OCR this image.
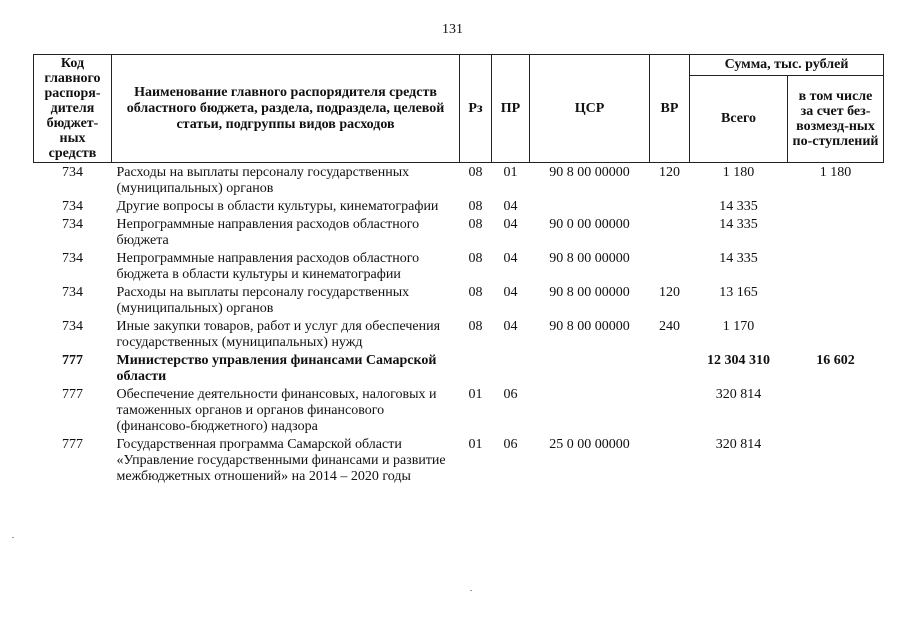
131
Код главного распоря-дителя бюджет-ных средств	Наименование главного распорядителя средств областного бюджета, раздела, подраздела, целевой статьи, подгруппы видов расходов	Рз	ПР	ЦСР	ВР	Сумма, тыс. рублей	
						Всего	в том числе за счет без-возмезд-ных по-ступлений
734	Расходы на выплаты персоналу государственных (муниципальных) органов	08	01	90 8 00 00000	120	1 180	1 180
734	Другие вопросы в области культуры, кинематографии	08	04			14 335	
734	Непрограммные направления расходов областного бюджета	08	04	90 0 00 00000		14 335	
734	Непрограммные направления расходов областного бюджета в области культуры и кинематографии	08	04	90 8 00 00000		14 335	
734	Расходы на выплаты персоналу государственных (муниципальных) органов	08	04	90 8 00 00000	120	13 165	
734	Иные закупки товаров, работ и услуг для обеспечения государственных (муниципальных) нужд	08	04	90 8 00 00000	240	1 170	
777	Министерство управления финансами Самарской области					12 304 310	16 602
777	Обеспечение деятельности финансовых, налоговых и таможенных органов и органов финансового (финансово-бюджетного) надзора	01	06			320 814	
777	Государственная программа Самарской области «Управление государственными финансами и развитие межбюджетных отношений» на 2014 – 2020 годы	01	06	25 0 00 00000		320 814	
